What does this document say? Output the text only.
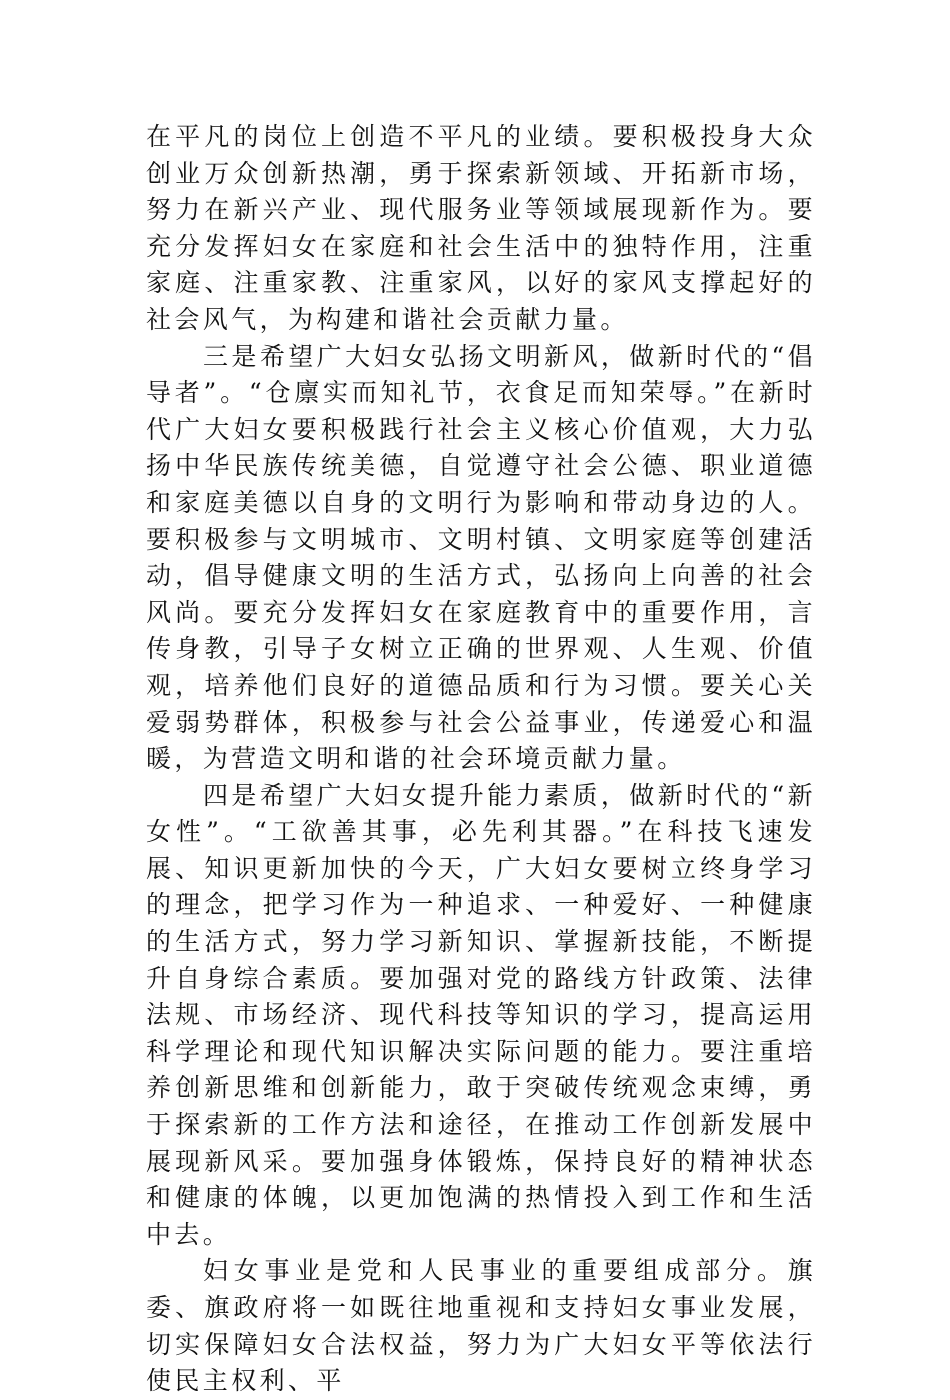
在平凡的岗位上创造不平凡的业绩。要积极投身大众创业万众创新热潮，勇于探索新领域、开拓新市场，努力在新兴产业、现代服务业等领域展现新作为。要充分发挥妇女在家庭和社会生活中的独特作用，注重家庭、注重家教、注重家风，以好的家风支撑起好的社会风气，为构建和谐社会贡献力量。

三是希望广大妇女弘扬文明新风，做新时代的“倡导者”。“仓廪实而知礼节，衣食足而知荣辱。”在新时代广大妇女要积极践行社会主义核心价值观，大力弘扬中华民族传统美德，自觉遵守社会公德、职业道德和家庭美德以自身的文明行为影响和带动身边的人。要积极参与文明城市、文明村镇、文明家庭等创建活动，倡导健康文明的生活方式，弘扬向上向善的社会风尚。要充分发挥妇女在家庭教育中的重要作用，言传身教，引导子女树立正确的世界观、人生观、价值观，培养他们良好的道德品质和行为习惯。要关心关爱弱势群体，积极参与社会公益事业，传递爱心和温暖，为营造文明和谐的社会环境贡献力量。

四是希望广大妇女提升能力素质，做新时代的“新女性”。“工欲善其事，必先利其器。”在科技飞速发展、知识更新加快的今天，广大妇女要树立终身学习的理念，把学习作为一种追求、一种爱好、一种健康的生活方式，努力学习新知识、掌握新技能，不断提升自身综合素质。要加强对党的路线方针政策、法律法规、市场经济、现代科技等知识的学习，提高运用科学理论和现代知识解决实际问题的能力。要注重培养创新思维和创新能力，敢于突破传统观念束缚，勇于探索新的工作方法和途径，在推动工作创新发展中展现新风采。要加强身体锻炼，保持良好的精神状态和健康的体魄，以更加饱满的热情投入到工作和生活中去。

妇女事业是党和人民事业的重要组成部分。旗委、旗政府将一如既往地重视和支持妇女事业发展，切实保障妇女合法权益，努力为广大妇女平等依法行使民主权利、平
